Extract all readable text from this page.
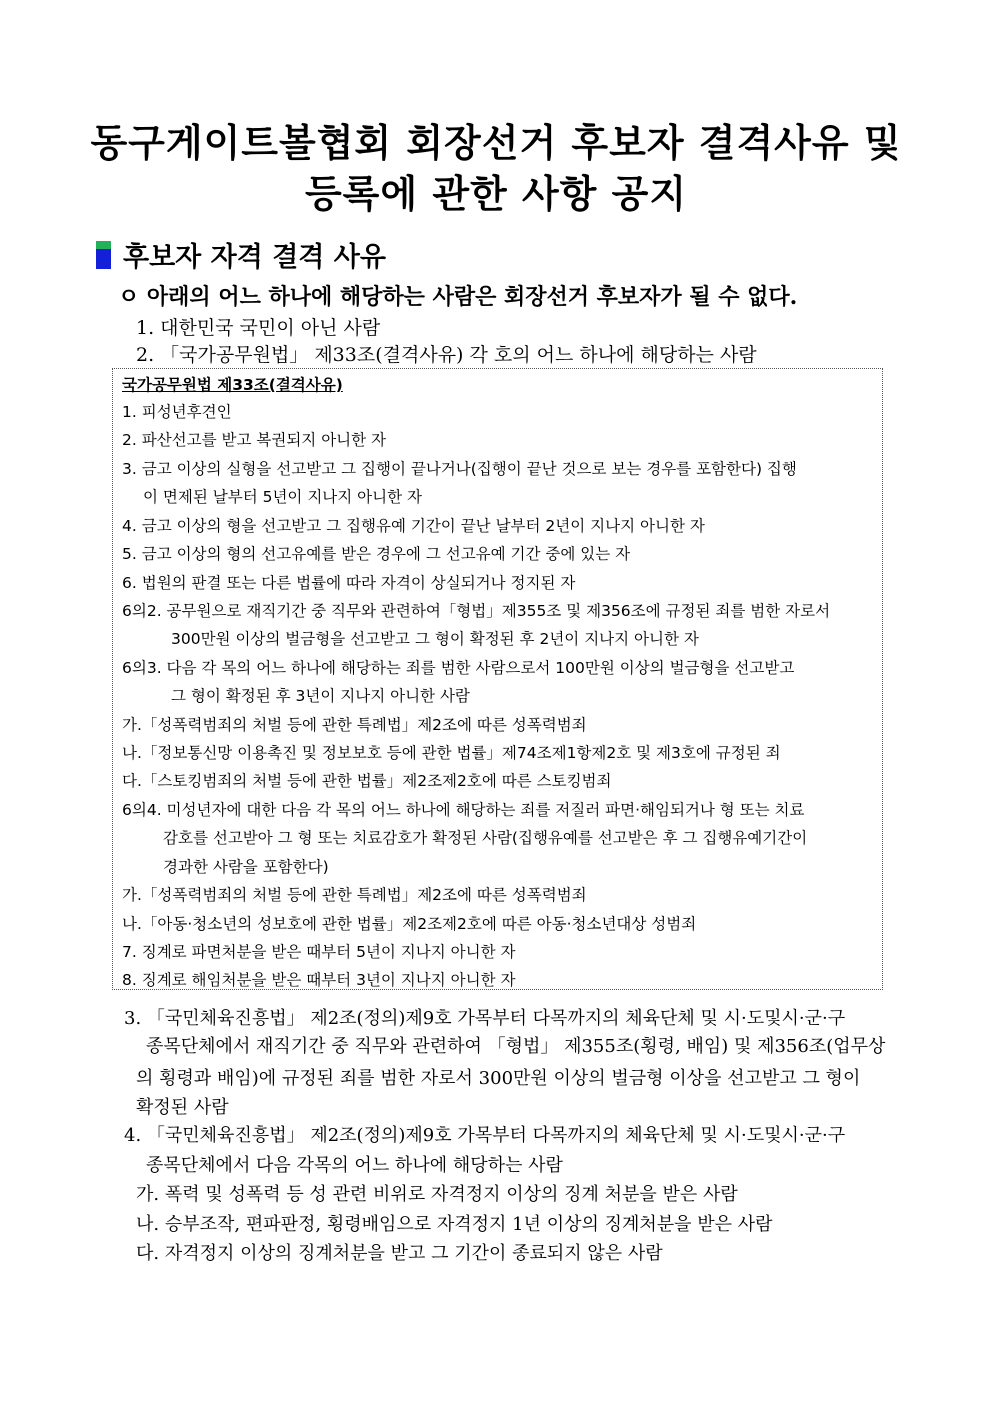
동구게이트볼협회 회장선거 후보자 결격사유 및
등록에 관한 사항 공지
후보자 자격 결격 사유
ㅇ 아래의 어느 하나에 해당하는 사람은 회장선거 후보자가 될 수 없다.
1. 대한민국 국민이 아닌 사람
2. 「국가공무원법」 제33조(결격사유) 각 호의 어느 하나에 해당하는 사람
국가공무원법 제33조(결격사유)
1. 피성년후견인
2. 파산선고를 받고 복권되지 아니한 자
3. 금고 이상의 실형을 선고받고 그 집행이 끝나거나(집행이 끝난 것으로 보는 경우를 포함한다) 집행
이 면제된 날부터 5년이 지나지 아니한 자
4. 금고 이상의 형을 선고받고 그 집행유예 기간이 끝난 날부터 2년이 지나지 아니한 자
5. 금고 이상의 형의 선고유예를 받은 경우에 그 선고유예 기간 중에 있는 자
6. 법원의 판결 또는 다른 법률에 따라 자격이 상실되거나 정지된 자
6의2. 공무원으로 재직기간 중 직무와 관련하여「형법」제355조 및 제356조에 규정된 죄를 범한 자로서
300만원 이상의 벌금형을 선고받고 그 형이 확정된 후 2년이 지나지 아니한 자
6의3. 다음 각 목의 어느 하나에 해당하는 죄를 범한 사람으로서 100만원 이상의 벌금형을 선고받고
그 형이 확정된 후 3년이 지나지 아니한 사람
가.「성폭력범죄의 처벌 등에 관한 특례법」제2조에 따른 성폭력범죄
나.「정보통신망 이용촉진 및 정보보호 등에 관한 법률」제74조제1항제2호 및 제3호에 규정된 죄
다.「스토킹범죄의 처벌 등에 관한 법률」제2조제2호에 따른 스토킹범죄
6의4. 미성년자에 대한 다음 각 목의 어느 하나에 해당하는 죄를 저질러 파면·해임되거나 형 또는 치료
감호를 선고받아 그 형 또는 치료감호가 확정된 사람(집행유예를 선고받은 후 그 집행유예기간이
경과한 사람을 포함한다)
가.「성폭력범죄의 처벌 등에 관한 특례법」제2조에 따른 성폭력범죄
나.「아동·청소년의 성보호에 관한 법률」제2조제2호에 따른 아동·청소년대상 성범죄
7. 징계로 파면처분을 받은 때부터 5년이 지나지 아니한 자
8. 징계로 해임처분을 받은 때부터 3년이 지나지 아니한 자
3. 「국민체육진흥법」 제2조(정의)제9호 가목부터 다목까지의 체육단체 및 시·도및시·군·구
종목단체에서 재직기간 중 직무와 관련하여 「형법」 제355조(횡령, 배임) 및 제356조(업무상
의 횡령과 배임)에 규정된 죄를 범한 자로서 300만원 이상의 벌금형 이상을 선고받고 그 형이
확정된 사람
4. 「국민체육진흥법」 제2조(정의)제9호 가목부터 다목까지의 체육단체 및 시·도및시·군·구
종목단체에서 다음 각목의 어느 하나에 해당하는 사람
가. 폭력 및 성폭력 등 성 관련 비위로 자격정지 이상의 징계 처분을 받은 사람
나. 승부조작, 편파판정, 횡령배임으로 자격정지 1년 이상의 징계처분을 받은 사람
다. 자격정지 이상의 징계처분을 받고 그 기간이 종료되지 않은 사람
